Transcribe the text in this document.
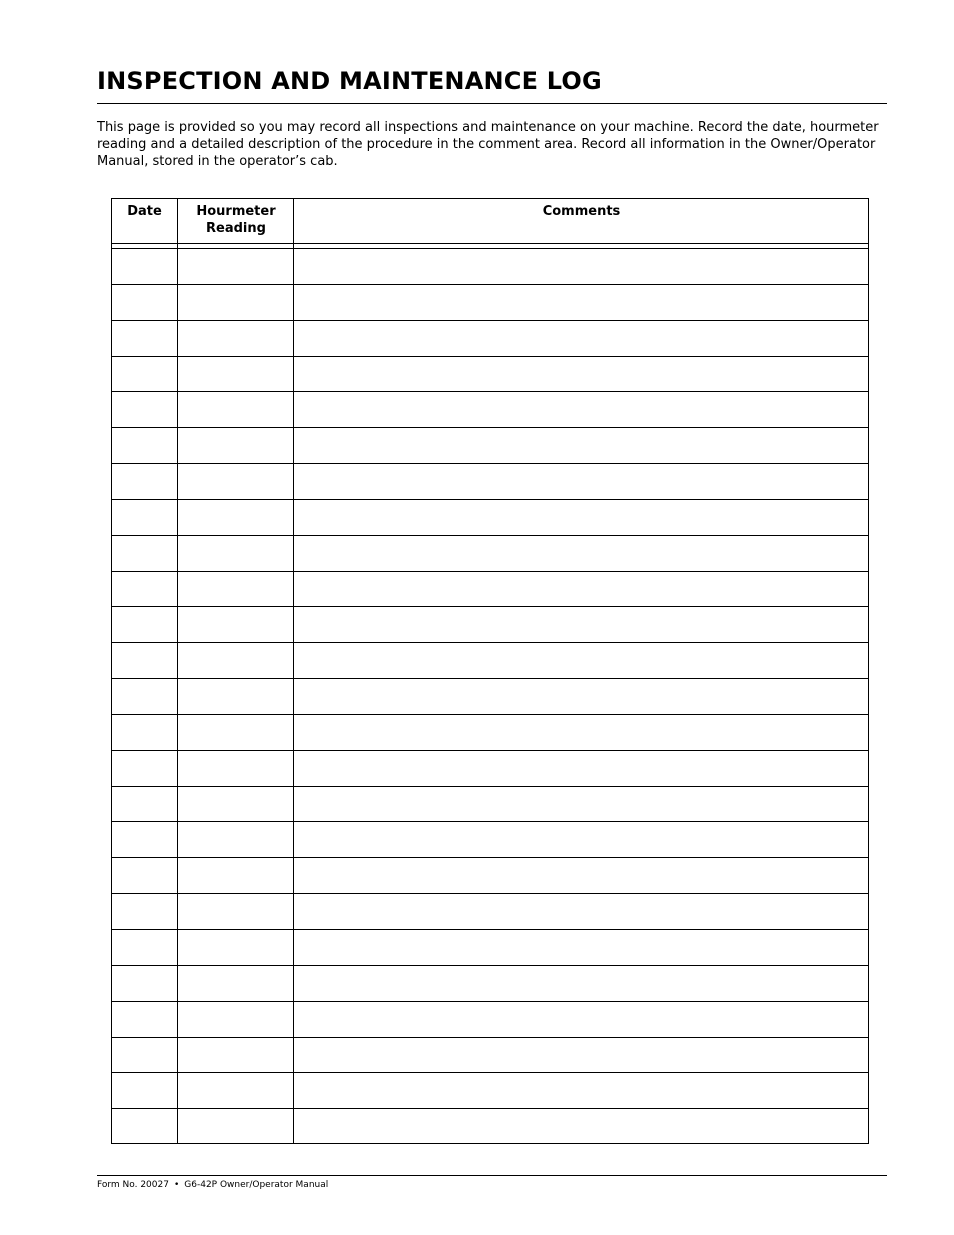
INSPECTION AND MAINTENANCE LOG

This page is provided so you may record all inspections and maintenance on your machine. Record the date, hourmeter reading and a detailed description of the procedure in the comment area. Record all information in the Owner/Operator Manual, stored in the operator’s cab.

Date	Hourmeter
Reading
Comments
Form No. 20027 • G6-42P Owner/Operator Manual
